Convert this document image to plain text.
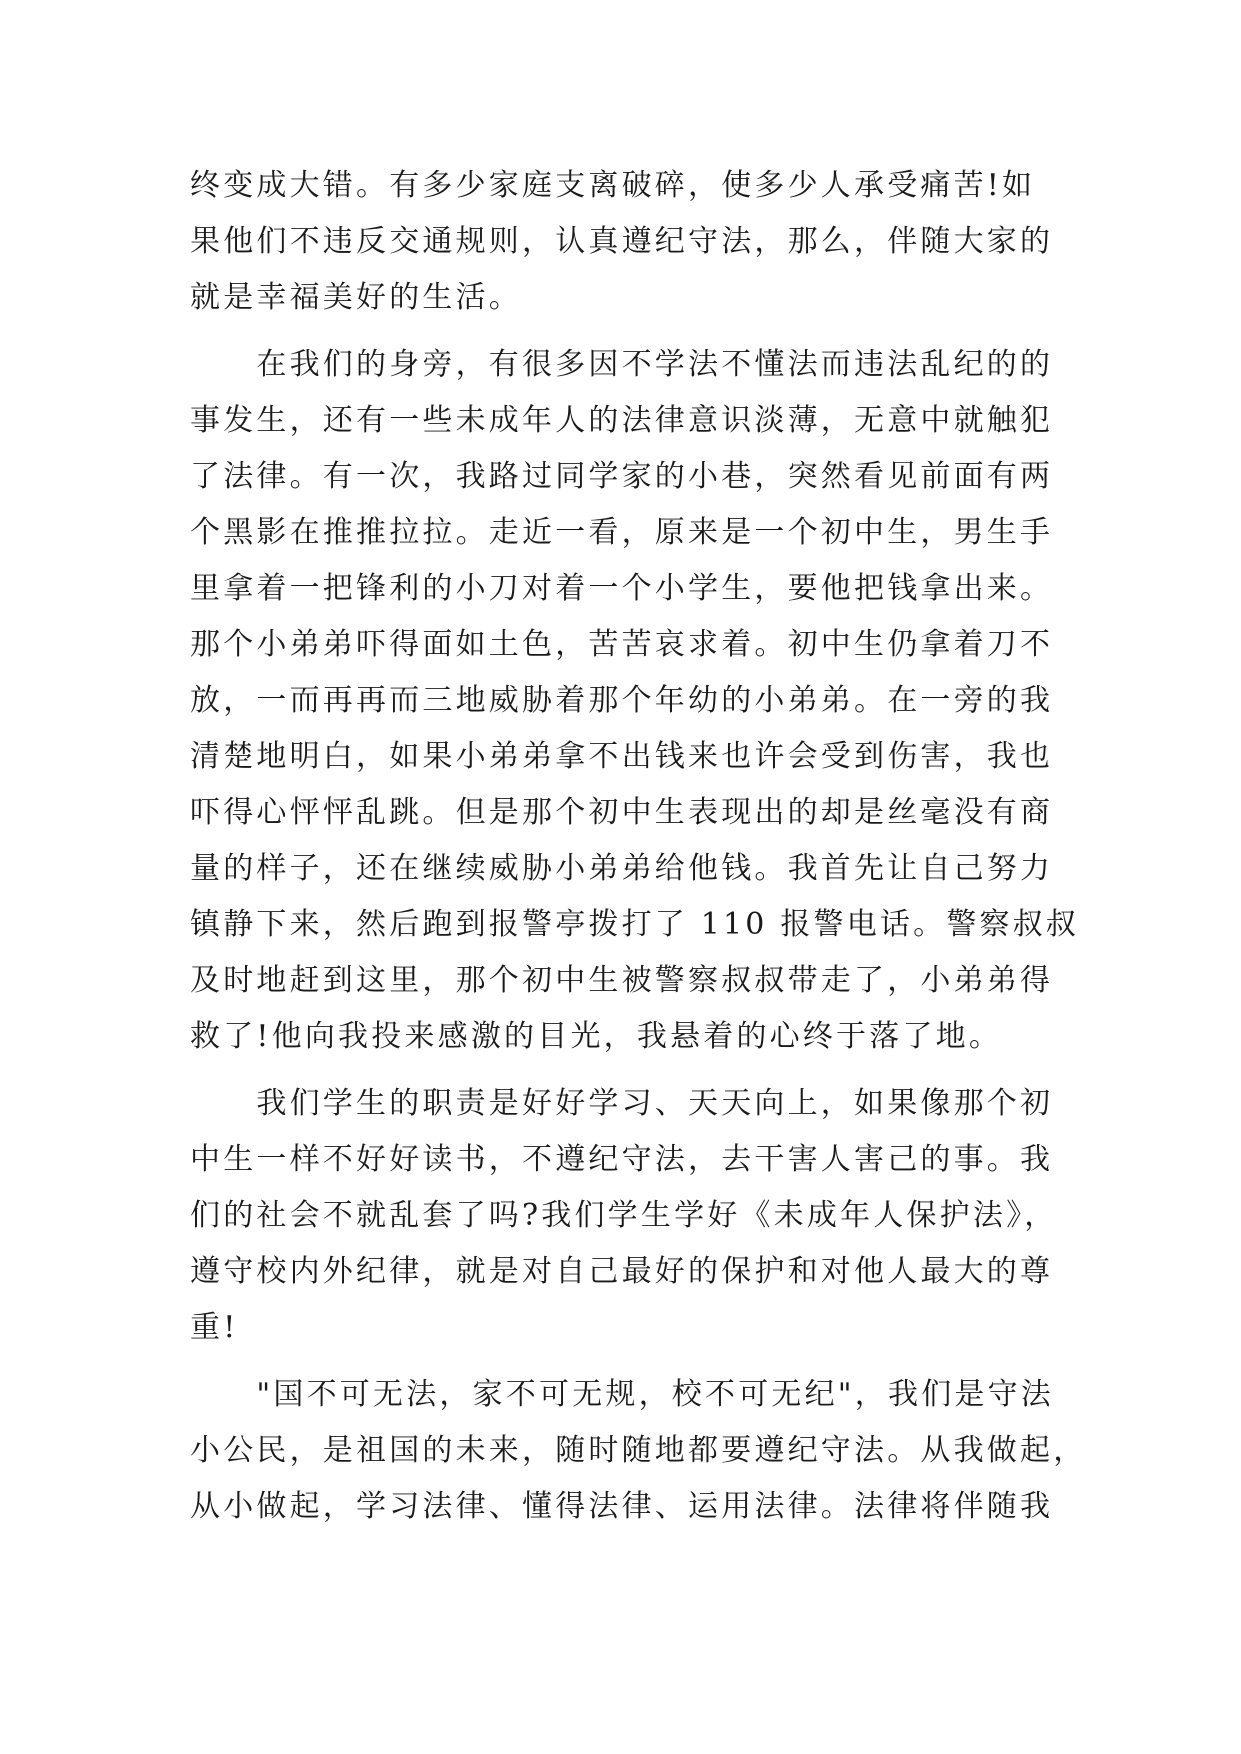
终变成大错。有多少家庭支离破碎，使多少人承受痛苦!如
果他们不违反交通规则，认真遵纪守法，那么，伴随大家的
就是幸福美好的生活。
　　在我们的身旁，有很多因不学法不懂法而违法乱纪的的
事发生，还有一些未成年人的法律意识淡薄，无意中就触犯
了法律。有一次，我路过同学家的小巷，突然看见前面有两
个黑影在推推拉拉。走近一看，原来是一个初中生，男生手
里拿着一把锋利的小刀对着一个小学生，要他把钱拿出来。
那个小弟弟吓得面如土色，苦苦哀求着。初中生仍拿着刀不
放，一而再再而三地威胁着那个年幼的小弟弟。在一旁的我
清楚地明白，如果小弟弟拿不出钱来也许会受到伤害，我也
吓得心怦怦乱跳。但是那个初中生表现出的却是丝毫没有商
量的样子，还在继续威胁小弟弟给他钱。我首先让自己努力
镇静下来，然后跑到报警亭拨打了 110 报警电话。警察叔叔
及时地赶到这里，那个初中生被警察叔叔带走了，小弟弟得
救了!他向我投来感激的目光，我悬着的心终于落了地。
　　我们学生的职责是好好学习、天天向上，如果像那个初
中生一样不好好读书，不遵纪守法，去干害人害己的事。我
们的社会不就乱套了吗?我们学生学好《未成年人保护法》，
遵守校内外纪律，就是对自己最好的保护和对他人最大的尊
重!
　　"国不可无法，家不可无规，校不可无纪"，我们是守法
小公民，是祖国的未来，随时随地都要遵纪守法。从我做起，
从小做起，学习法律、懂得法律、运用法律。法律将伴随我
